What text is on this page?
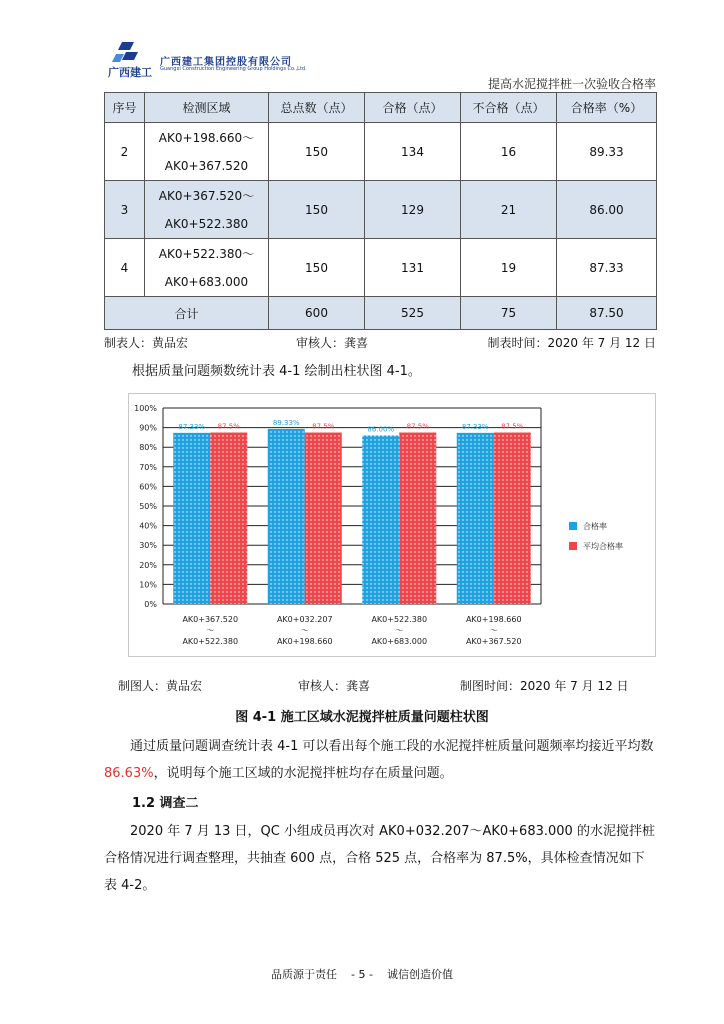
广西建工
广西建工集团控股有限公司
Guangxi Construction Engineering Group Holdings Co.,Ltd.
提高水泥搅拌桩一次验收合格率
序号	检测区域	总点数（点）	合格（点）	不合格（点）	合格率（%）
2	AK0+198.660～
AK0+367.520	150	134	16	89.33
3	AK0+367.520～
AK0+522.380	150	129	21	86.00
4	AK0+522.380～
AK0+683.000	150	131	19	87.33
合计		600	525	75	87.50
制表人：黄品宏	审核人：龚喜	制表时间：2020 年 7 月 12 日
根据质量问题频数统计表 4-1 绘制出柱状图 4-1。
0%
10%
20%
30%
40%
50%
60%
70%
80%
90%
100%
87.33% 87.5%
AK0+367.520
～
AK0+522.380
89.33% 87.5%
AK0+032.207
～
AK0+198.660
86.00% 87.5%
AK0+522.380
～
AK0+683.000
87.33% 87.5%
AK0+198.660
～
AK0+367.520
合格率
平均合格率
制图人：黄品宏	审核人：龚喜	制图时间：2020 年 7 月 12 日
图 4-1 施工区域水泥搅拌桩质量问题柱状图
通过质量问题调查统计表 4-1 可以看出每个施工段的水泥搅拌桩质量问题频率均接近平均数 86.63%，说明每个施工区域的水泥搅拌桩均存在质量问题。
1.2 调查二
2020 年 7 月 13 日，QC 小组成员再次对 AK0+032.207～AK0+683.000 的水泥搅拌桩合格情况进行调查整理，共抽查 600 点，合格 525 点，合格率为 87.5%，具体检查情况如下表 4-2。
品质源于责任    - 5 -    诚信创造价值
